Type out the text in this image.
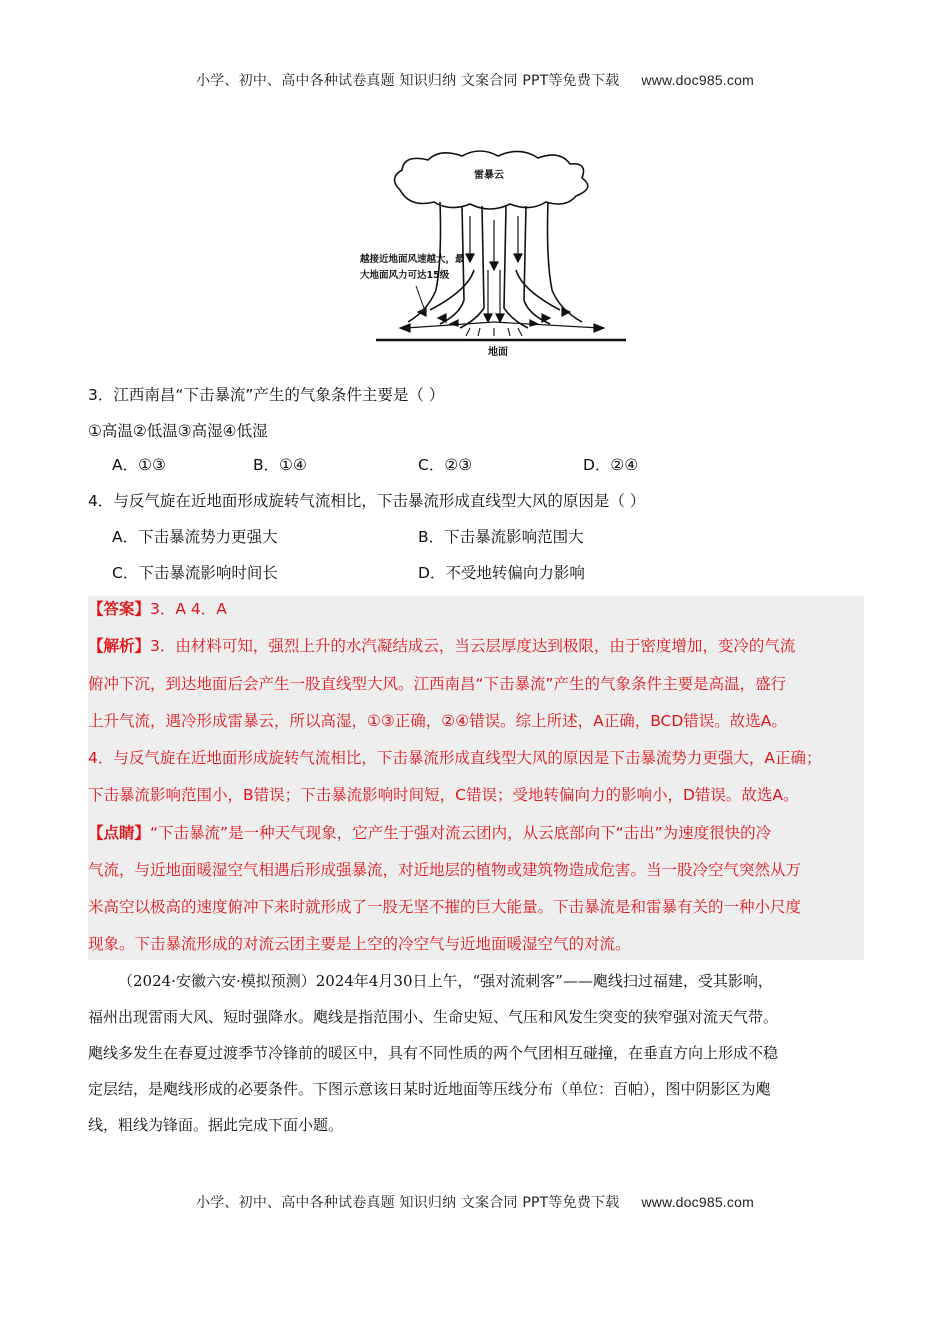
小学、初中、高中各种试卷真题 知识归纳 文案合同 PPT等免费下载 www.doc985.com
雷暴云
越接近地面风速越大，最
大地面风力可达15级
地面
3．江西南昌“下击暴流”产生的气象条件主要是（ ）
①高温②低温③高湿④低湿
A．①③	B．①④	C．②③	D．②④
4．与反气旋在近地面形成旋转气流相比，下击暴流形成直线型大风的原因是（ ）
A．下击暴流势力更强大	B．下击暴流影响范围大
C．下击暴流影响时间长	D．不受地转偏向力影响
【答案】3．A 4．A
【解析】3．由材料可知，强烈上升的水汽凝结成云，当云层厚度达到极限，由于密度增加，变冷的气流
俯冲下沉，到达地面后会产生一股直线型大风。江西南昌“下击暴流”产生的气象条件主要是高温，盛行
上升气流，遇冷形成雷暴云，所以高湿，①③正确，②④错误。综上所述，A正确，BCD错误。故选A。
4．与反气旋在近地面形成旋转气流相比，下击暴流形成直线型大风的原因是下击暴流势力更强大，A正确；
下击暴流影响范围小，B错误；下击暴流影响时间短，C错误；受地转偏向力的影响小，D错误。故选A。
【点睛】“下击暴流”是一种天气现象，它产生于强对流云团内，从云底部向下“击出”为速度很快的冷
气流，与近地面暖湿空气相遇后形成强暴流，对近地层的植物或建筑物造成危害。当一股冷空气突然从万
米高空以极高的速度俯冲下来时就形成了一股无坚不摧的巨大能量。下击暴流是和雷暴有关的一种小尺度
现象。下击暴流形成的对流云团主要是上空的冷空气与近地面暖湿空气的对流。
（2024·安徽六安·模拟预测）2024年4月30日上午，“强对流刺客”——飑线扫过福建，受其影响，
福州出现雷雨大风、短时强降水。飑线是指范围小、生命史短、气压和风发生突变的狭窄强对流天气带。
飑线多发生在春夏过渡季节冷锋前的暖区中，具有不同性质的两个气团相互碰撞，在垂直方向上形成不稳
定层结，是飑线形成的必要条件。下图示意该日某时近地面等压线分布（单位：百帕），图中阴影区为飑
线，粗线为锋面。据此完成下面小题。
小学、初中、高中各种试卷真题 知识归纳 文案合同 PPT等免费下载 www.doc985.com
